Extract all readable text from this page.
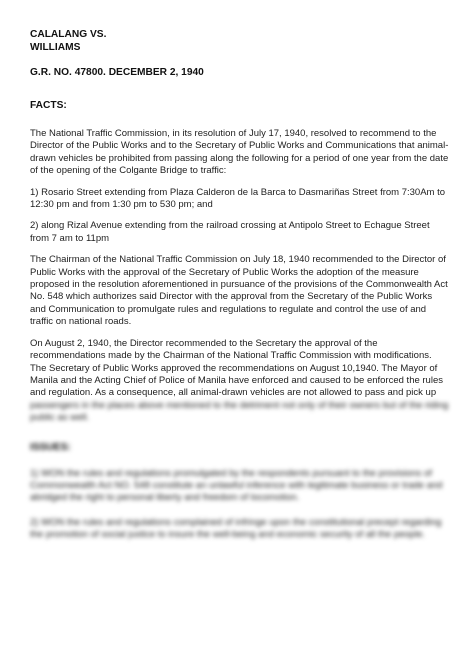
CALALANG VS.
WILLIAMS
G.R. NO. 47800. DECEMBER 2, 1940
FACTS:

The National Traffic Commission, in its resolution of July 17, 1940, resolved to recommend to the Director of the Public Works and to the Secretary of Public Works and Communications that animal-drawn vehicles be prohibited from passing along the following for a period of one year from the date of the opening of the Colgante Bridge to traffic:

1) Rosario Street extending from Plaza Calderon de la Barca to Dasmariñas Street from 7:30Am to 12:30 pm and from 1:30 pm to 530 pm; and

2) along Rizal Avenue extending from the railroad crossing at Antipolo Street to Echague Street from 7 am to 11pm

The Chairman of the National Traffic Commission on July 18, 1940 recommended to the Director of Public Works with the approval of the Secretary of Public Works the adoption of the measure proposed in the resolution aforementioned in pursuance of the provisions of the Commonwealth Act No. 548 which authorizes said Director with the approval from the Secretary of the Public Works and Communication to promulgate rules and regulations to regulate and control the use of and traffic on national roads.

On August 2, 1940, the Director recommended to the Secretary the approval of the recommendations made by the Chairman of the National Traffic Commission with modifications. The Secretary of Public Works approved the recommendations on August 10,1940. The Mayor of Manila and the Acting Chief of Police of Manila have enforced and caused to be enforced the rules and regulation. As a consequence, all animal-drawn vehicles are not allowed to pass and pick up

passengers in the places above mentioned to the detriment not only of their owners but of the riding public as well.

ISSUES:

1) WON the rules and regulations promulgated by the respondents pursuant to the provisions of Commonwealth Act NO. 548 constitute an unlawful inference with legitimate business or trade and abridged the right to personal liberty and freedom of locomotion.

2) WON the rules and regulations complained of infringe upon the constitutional precept regarding the promotion of social justice to insure the well-being and economic security of all the people.
